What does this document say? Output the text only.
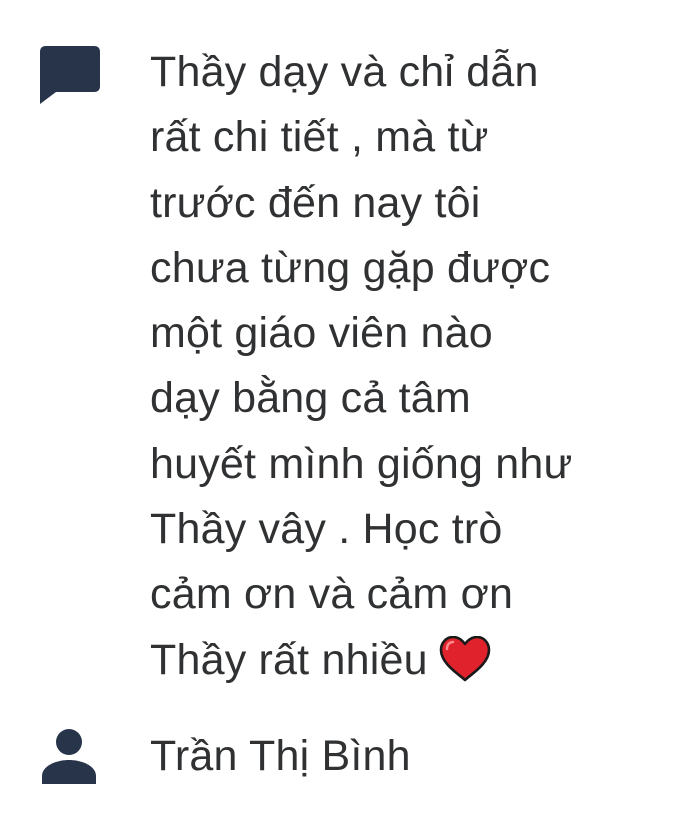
Thầy dạy và chỉ dẫn
rất chi tiết , mà từ
trước đến nay tôi
chưa từng gặp được
một giáo viên nào
dạy bằng cả tâm
huyết mình giống như
Thầy vây . Học trò
cảm ơn và cảm ơn
Thầy rất nhiều

Trần Thị Bình
